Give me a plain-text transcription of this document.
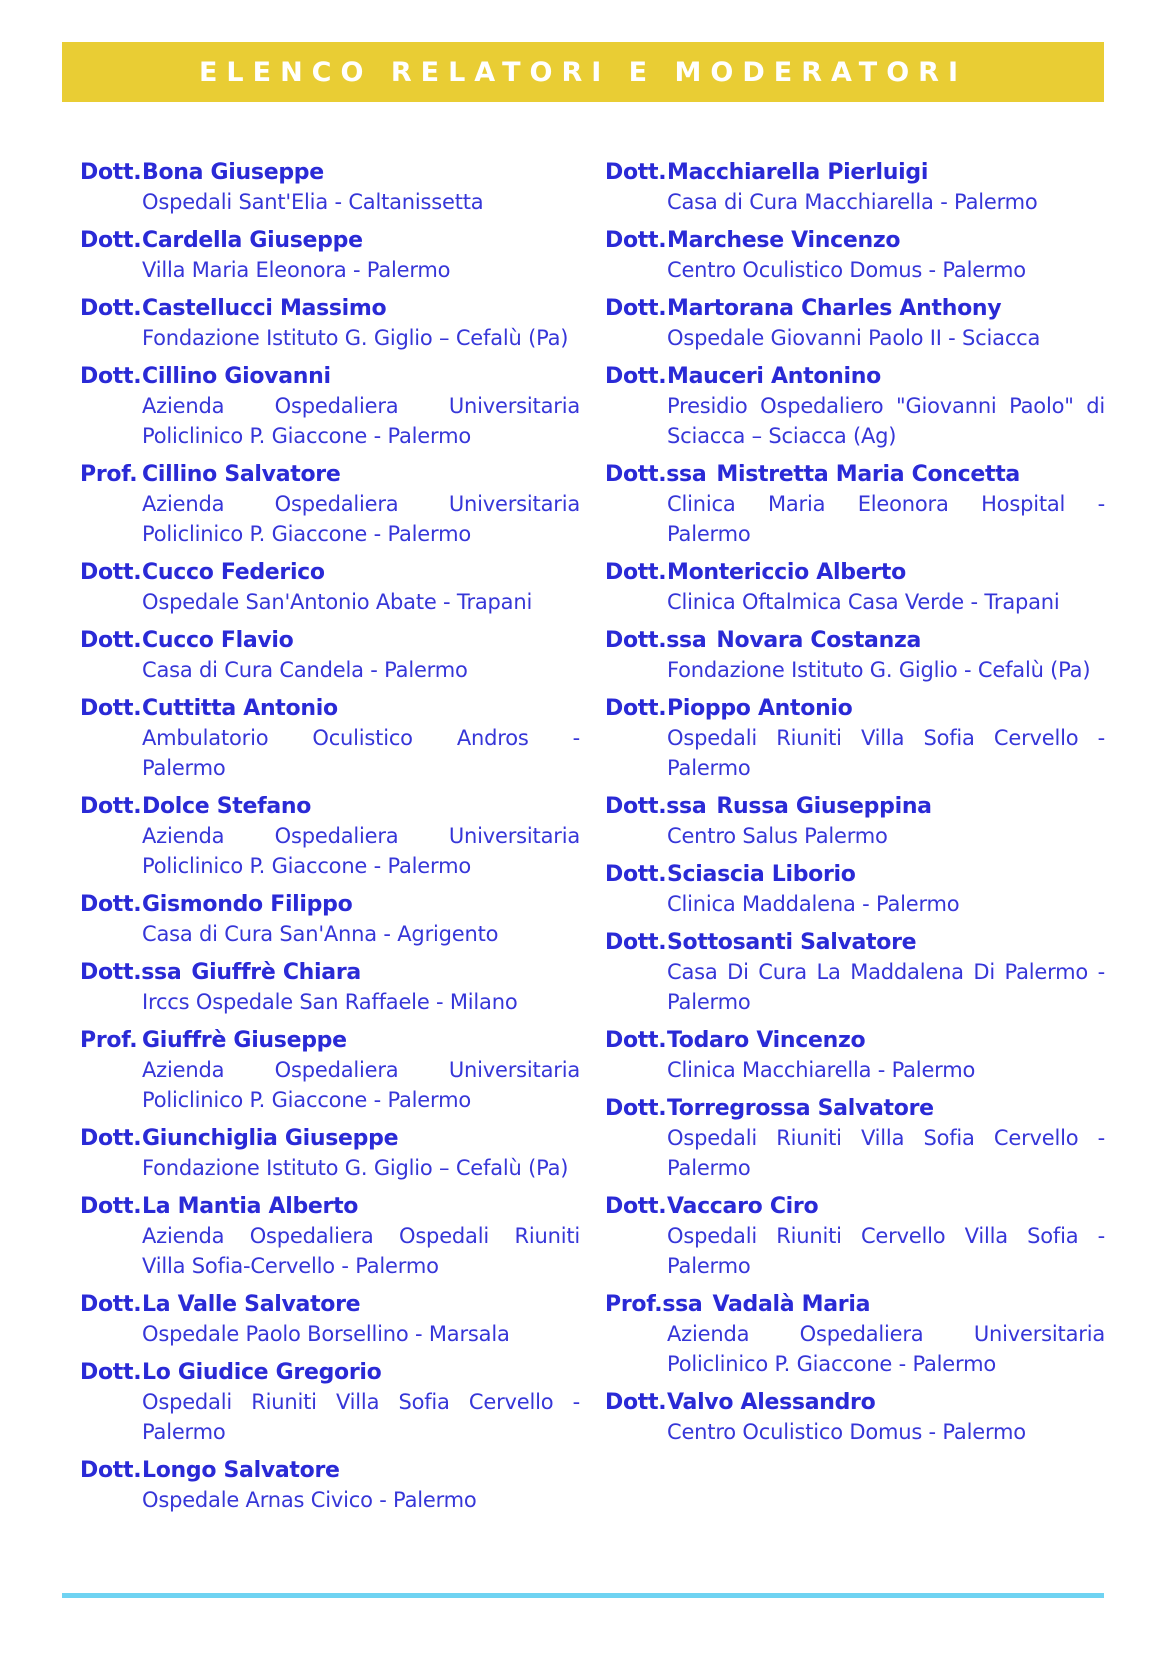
ELENCO RELATORI E MODERATORI
Dott.Bona Giuseppe
Ospedali Sant'Elia - Caltanissetta
Dott.Cardella Giuseppe
Villa Maria Eleonora - Palermo
Dott.Castellucci Massimo
Fondazione Istituto G. Giglio – Cefalù (Pa)
Dott.Cillino Giovanni
Azienda Ospedaliera Universitaria
Policlinico P. Giaccone - Palermo
Prof. Cillino Salvatore
Azienda Ospedaliera Universitaria
Policlinico P. Giaccone - Palermo
Dott.Cucco Federico
Ospedale San'Antonio Abate - Trapani
Dott.Cucco Flavio
Casa di Cura Candela - Palermo
Dott.Cuttitta Antonio
Ambulatorio Oculistico Andros -
Palermo
Dott.Dolce Stefano
Azienda Ospedaliera Universitaria
Policlinico P. Giaccone - Palermo
Dott.Gismondo Filippo
Casa di Cura San'Anna - Agrigento
Dott.ssa Giuffrè Chiara
Irccs Ospedale San Raffaele - Milano
Prof. Giuffrè Giuseppe
Azienda Ospedaliera Universitaria
Policlinico P. Giaccone - Palermo
Dott.Giunchiglia Giuseppe
Fondazione Istituto G. Giglio – Cefalù (Pa)
Dott.La Mantia Alberto
Azienda Ospedaliera Ospedali Riuniti
Villa Sofia-Cervello - Palermo
Dott.La Valle Salvatore
Ospedale Paolo Borsellino - Marsala
Dott.Lo Giudice Gregorio
Ospedali Riuniti Villa Sofia Cervello -
Palermo
Dott.Longo Salvatore
Ospedale Arnas Civico - Palermo
Dott.Macchiarella Pierluigi
Casa di Cura Macchiarella - Palermo
Dott.Marchese Vincenzo
Centro Oculistico Domus - Palermo
Dott.Martorana Charles Anthony
Ospedale Giovanni Paolo II - Sciacca
Dott.Mauceri Antonino
Presidio Ospedaliero "Giovanni Paolo" di
Sciacca – Sciacca (Ag)
Dott.ssa Mistretta Maria Concetta
Clinica Maria Eleonora Hospital -
Palermo
Dott.Montericcio Alberto
Clinica Oftalmica Casa Verde - Trapani
Dott.ssa Novara Costanza
Fondazione Istituto G. Giglio - Cefalù (Pa)
Dott.Pioppo Antonio
Ospedali Riuniti Villa Sofia Cervello -
Palermo
Dott.ssa Russa Giuseppina
Centro Salus Palermo
Dott.Sciascia Liborio
Clinica Maddalena - Palermo
Dott.Sottosanti Salvatore
Casa Di Cura La Maddalena Di Palermo -
Palermo
Dott.Todaro Vincenzo
Clinica Macchiarella - Palermo
Dott.Torregrossa Salvatore
Ospedali Riuniti Villa Sofia Cervello -
Palermo
Dott.Vaccaro Ciro
Ospedali Riuniti Cervello Villa Sofia -
Palermo
Prof.ssa Vadalà Maria
Azienda Ospedaliera Universitaria
Policlinico P. Giaccone - Palermo
Dott.Valvo Alessandro
Centro Oculistico Domus - Palermo
